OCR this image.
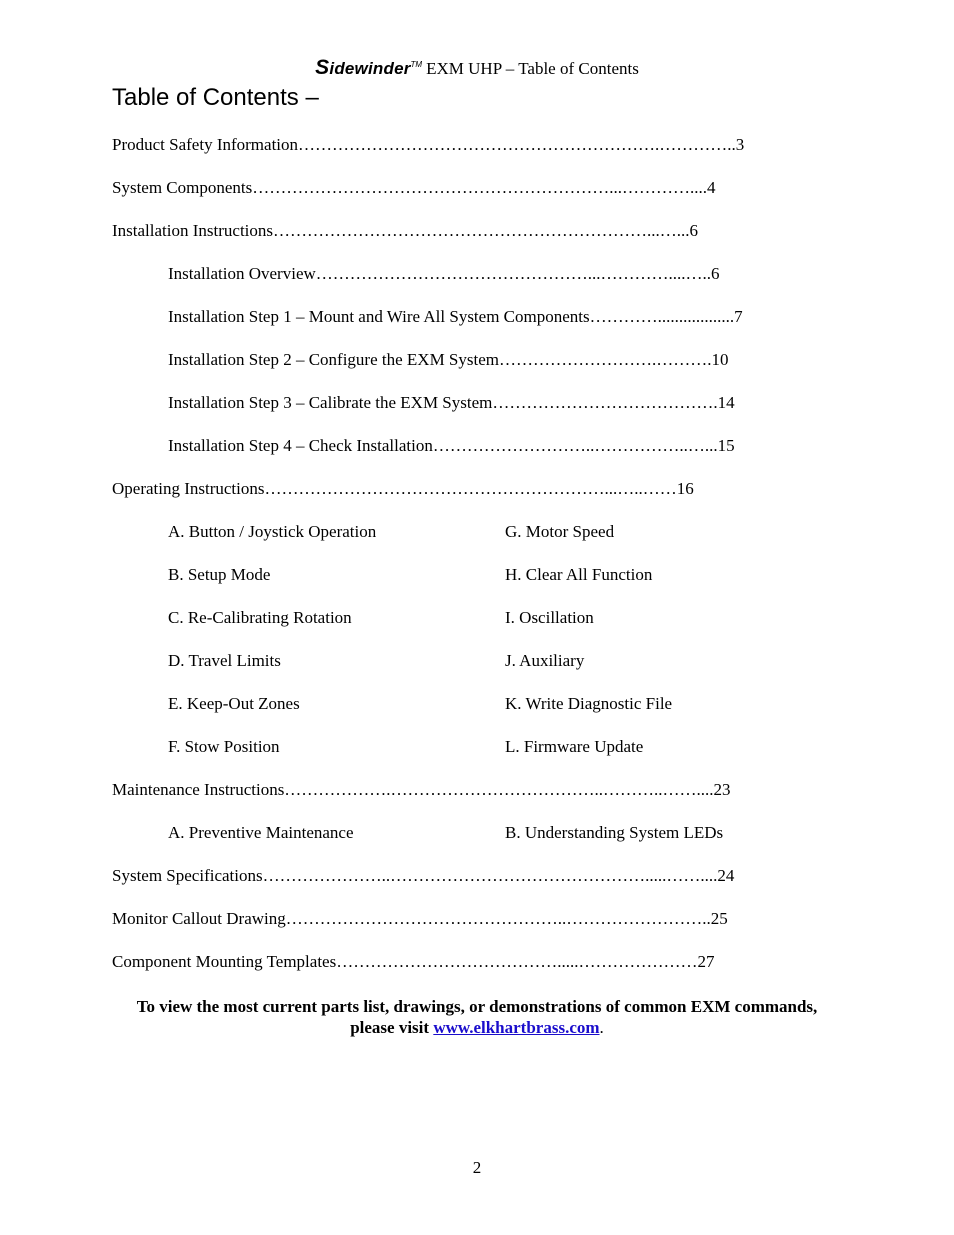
Sidewinder™ EXM UHP – Table of Contents
Table of Contents –
Product Safety Information……………………………………………………….…………..3
System Components………………………………………………………...…………....4
Installation Instructions…………………………………………………………...…...6
Installation Overview…………………………………………...…………....…..6
Installation Step 1 – Mount and Wire All System Components…………..................7
Installation Step 2 – Configure the EXM System……………………….……….10
Installation Step 3 – Calibrate the EXM System………………………………….14
Installation Step 4 – Check Installation………………………..……………..…...15
Operating Instructions……………………………………………………...…..……16
A. Button / Joystick Operation	G. Motor Speed
B. Setup Mode	H. Clear All Function
C. Re-Calibrating Rotation	I. Oscillation
D. Travel Limits	J. Auxiliary
E. Keep-Out Zones	K. Write Diagnostic File
F. Stow Position	L. Firmware Update
Maintenance Instructions……………….………………………………..………..……....23
A. Preventive Maintenance	B. Understanding System LEDs
System Specifications…………………..……………………………………….....……....24
Monitor Callout Drawing…………………………………………..……………………..25
Component Mounting Templates………………………………….....…………………27
To view the most current parts list, drawings, or demonstrations of common EXM commands,
please visit www.elkhartbrass.com.
2
